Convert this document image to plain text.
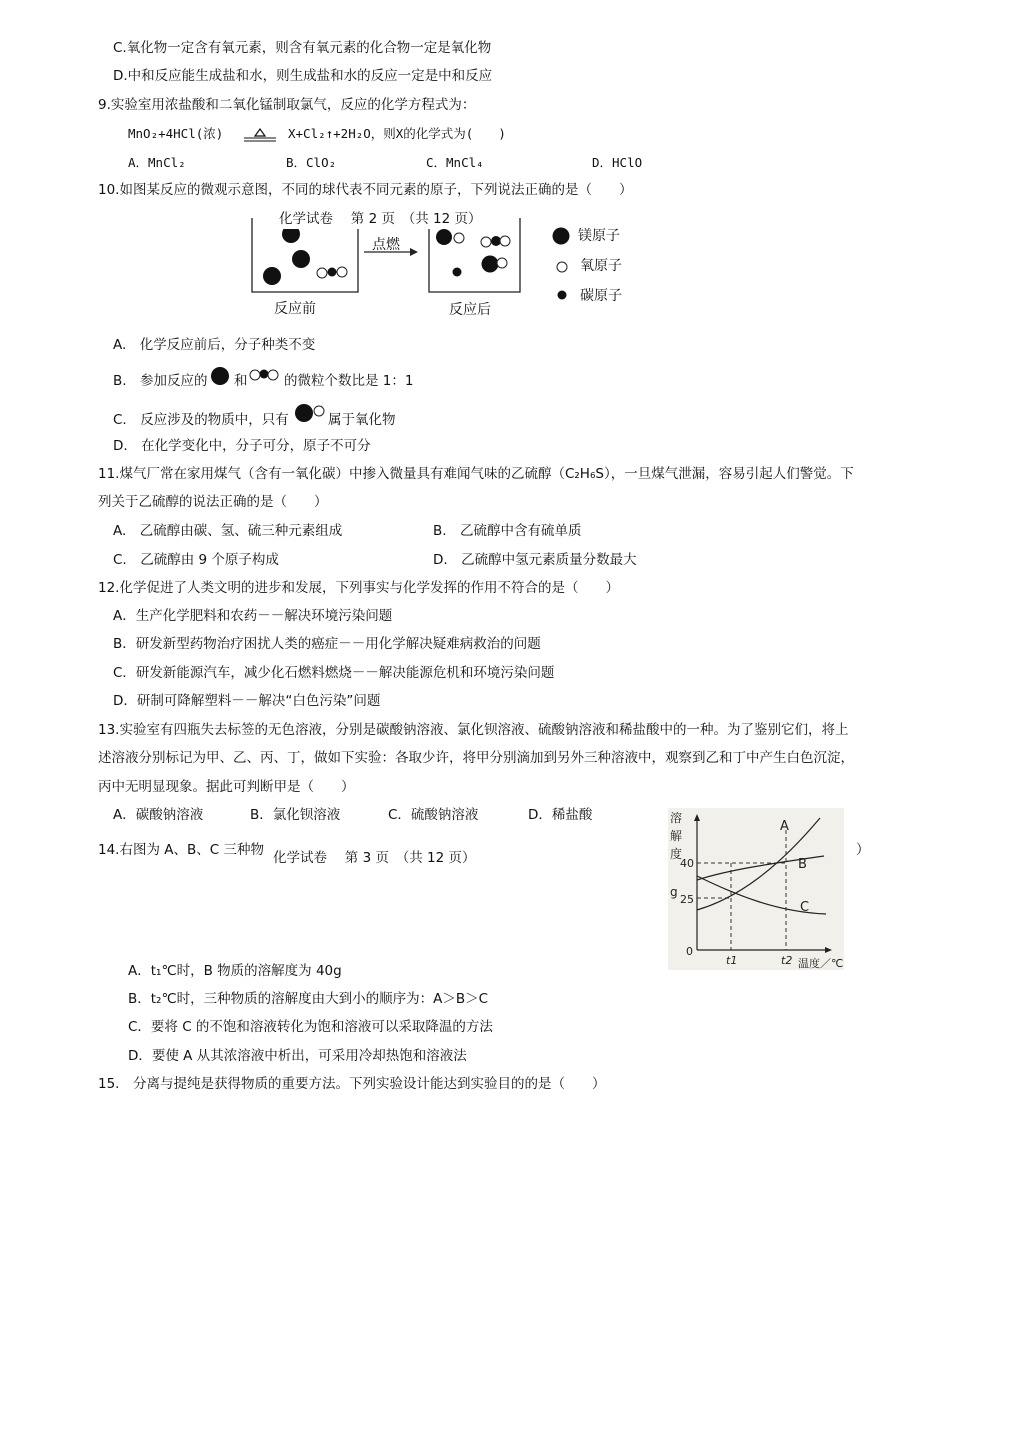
C.氧化物一定含有氧元素，则含有氧元素的化合物一定是氧化物
D.中和反应能生成盐和水，则生成盐和水的反应一定是中和反应
9.实验室用浓盐酸和二氧化锰制取氯气，反应的化学方程式为：
MnO₂+4HCl(浓)	X+Cl₂↑+2H₂O，则X的化学式为(　　)
A．MnCl₂	B．ClO₂	C．MnCl₄	D．HClO
10.如图某反应的微观示意图，不同的球代表不同元素的原子，下列说法正确的是（　　）
化学试卷　 第 2 页　（共 12 页）
点燃
反应前	反应后
镁原子
氧原子
碳原子
A.　化学反应前后，分子种类不变
B.　参加反应的 和	的微粒个数比是 1：1
C.　反应涉及的物质中，只有	属于氧化物
D.　在化学变化中，分子可分，原子不可分
11.煤气厂常在家用煤气（含有一氧化碳）中掺入微量具有难闻气味的乙硫醇（C₂H₆S），一旦煤气泄漏，容易引起人们警觉。下
列关于乙硫醇的说法正确的是（　　）
A.　乙硫醇由碳、氢、硫三种元素组成	B.　乙硫醇中含有硫单质
C.　乙硫醇由 9 个原子构成	D.　乙硫醇中氢元素质量分数最大
12.化学促进了人类文明的进步和发展，下列事实与化学发挥的作用不符合的是（　　）
A．生产化学肥料和农药－－解决环境污染问题
B．研发新型药物治疗困扰人类的癌症－－用化学解决疑难病救治的问题
C．研发新能源汽车，减少化石燃料燃烧－－解决能源危机和环境污染问题
D．研制可降解塑料－－解决“白色污染”问题
13.实验室有四瓶失去标签的无色溶液，分别是碳酸钠溶液、氯化钡溶液、硫酸钠溶液和稀盐酸中的一种。为了鉴别它们，将上
述溶液分别标记为甲、乙、丙、丁，做如下实验：各取少许，将甲分别滴加到另外三种溶液中，观察到乙和丁中产生白色沉淀，
丙中无明显现象。据此可判断甲是（　　）
A．碳酸钠溶液	B．氯化钡溶液	C．硫酸钠溶液	D．稀盐酸
14.右图为 A、B、C 三种物 化学试卷　 第 3 页　（共 12 页）	）
溶
解
度
g
40
25
0
t1	t2 温度／℃
A
B
C
A．t₁℃时，B 物质的溶解度为 40g
B．t₂℃时，三种物质的溶解度由大到小的顺序为：A＞B＞C
C．要将 C 的不饱和溶液转化为饱和溶液可以采取降温的方法
D．要使 A 从其浓溶液中析出，可采用冷却热饱和溶液法
15.　分离与提纯是获得物质的重要方法。下列实验设计能达到实验目的的是（　　）
